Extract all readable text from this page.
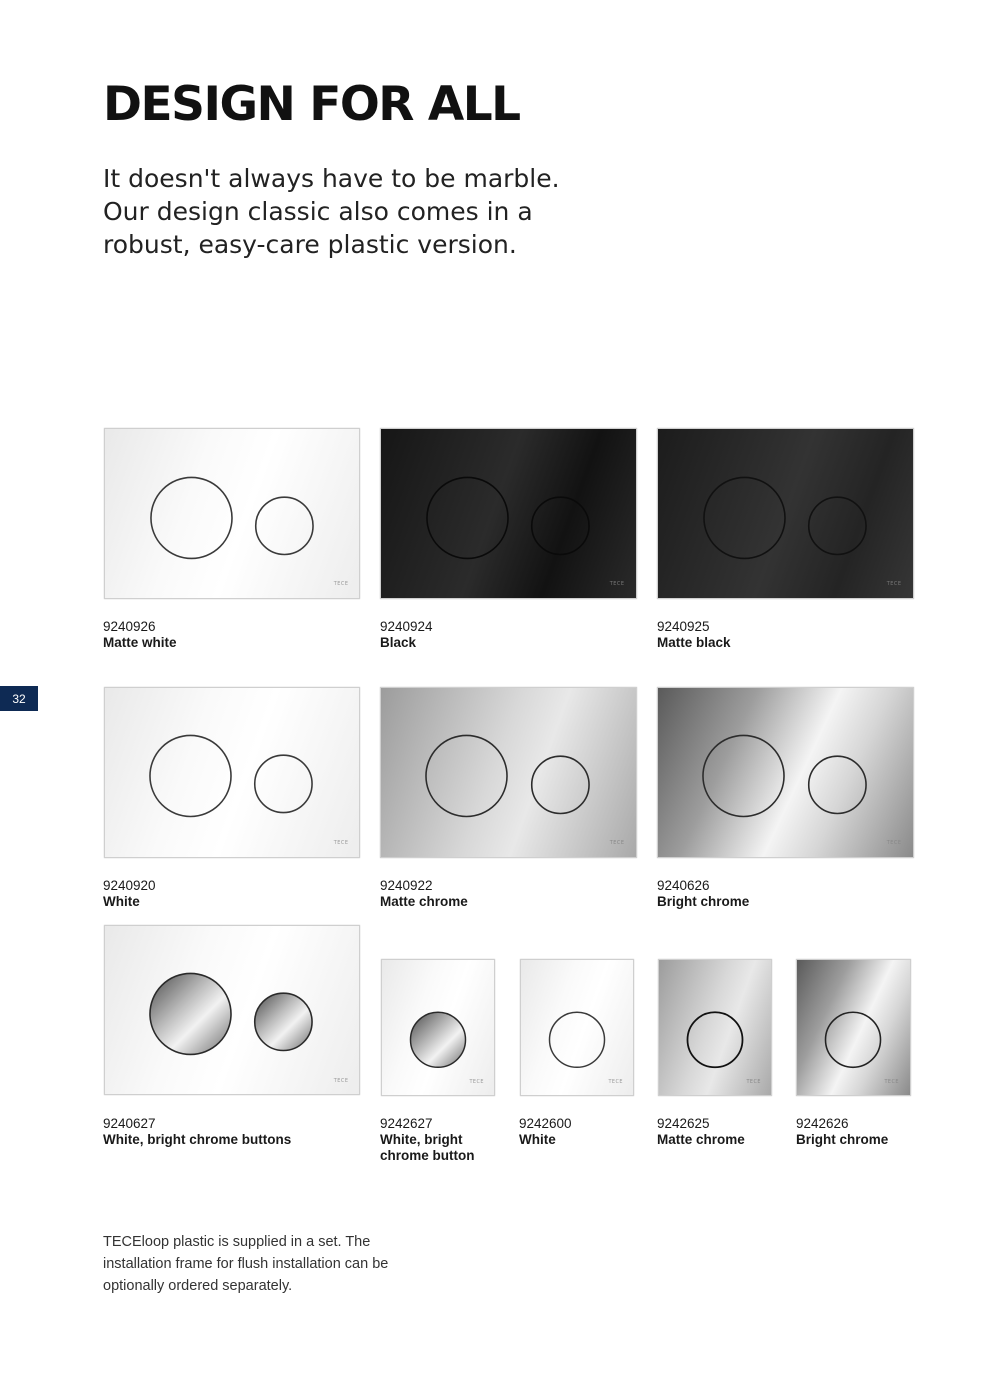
DESIGN FOR ALL

It doesn't always have to be marble. Our design classic also comes in a robust, easy-care plastic version.

32
TECE
9240926
Matte white
TECE
9240924
Black
TECE
9240925
Matte black
TECE
9240920
White
TECE
9240922
Matte chrome
TECE
9240626
Bright chrome
TECE
9240627
White, bright chrome buttons
TECE
9242627
White, bright chrome button
TECE
9242600
White
TECE
9242625
Matte chrome
TECE
9242626
Bright chrome

TECEloop plastic is supplied in a set. The installation frame for flush installation can be optionally ordered separately.
